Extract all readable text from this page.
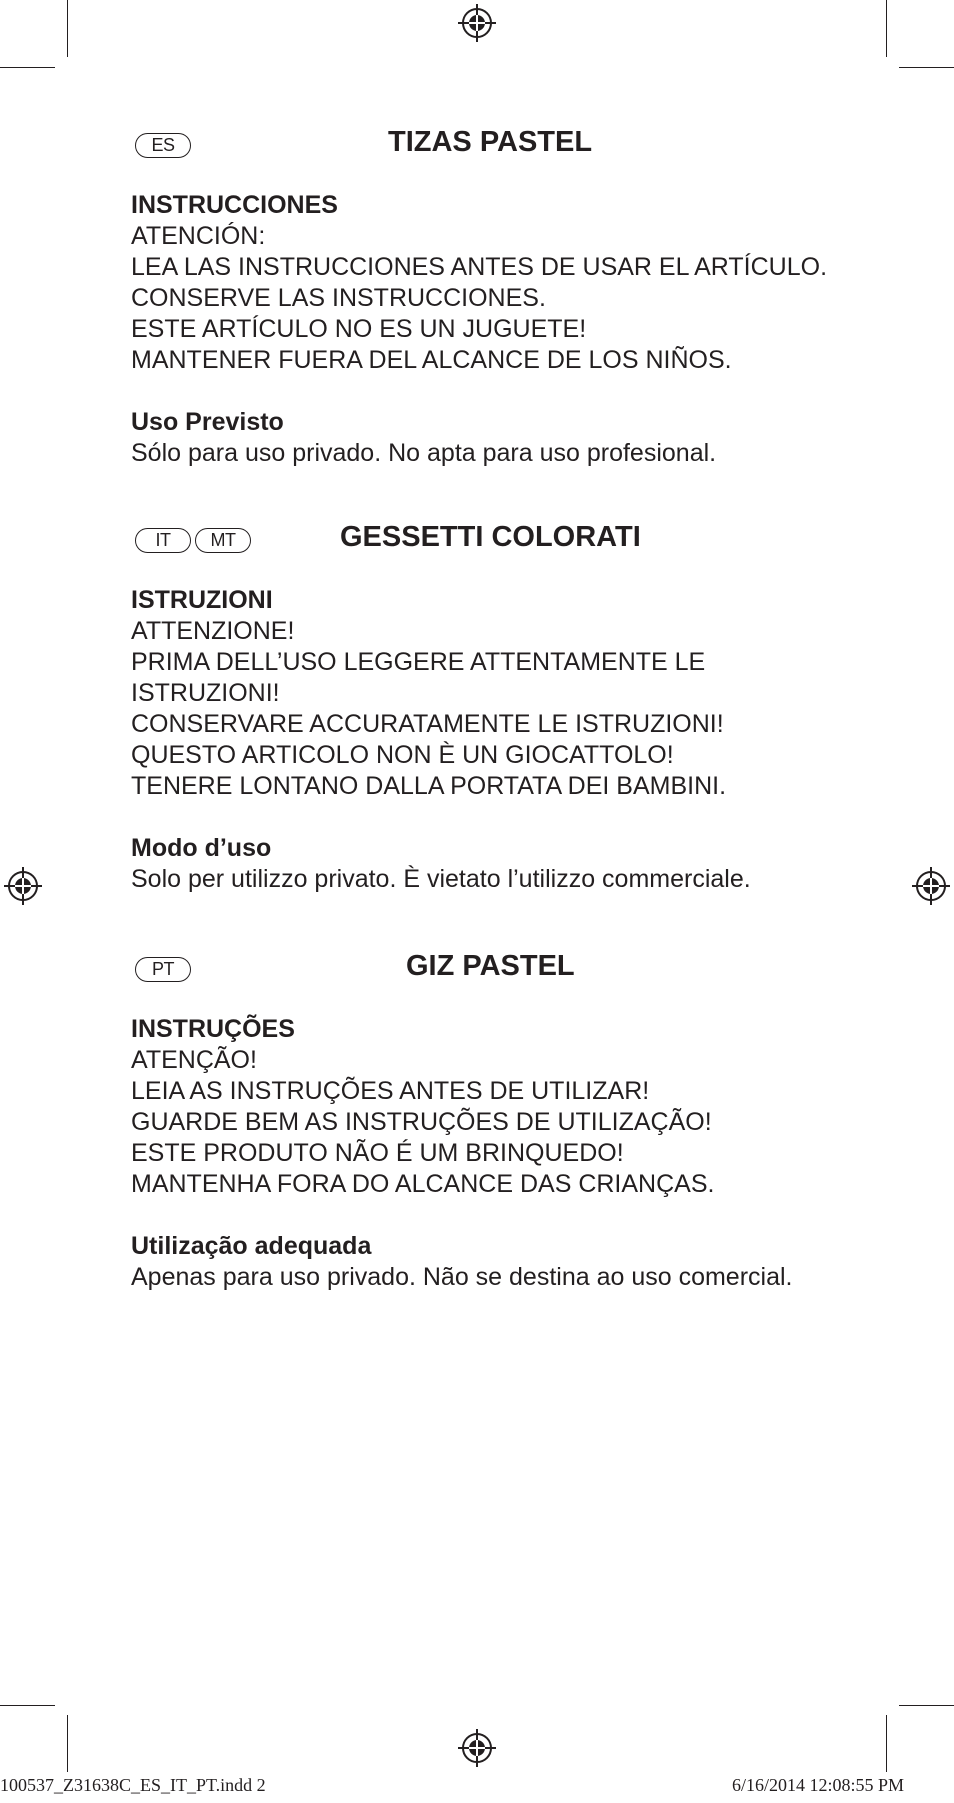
ES	TIZAS PASTEL

INSTRUCCIONES

ATENCIÓN:

LEA LAS INSTRUCCIONES ANTES DE USAR EL ARTÍCULO.

CONSERVE LAS INSTRUCCIONES.

ESTE ARTÍCULO NO ES UN JUGUETE!

MANTENER FUERA DEL ALCANCE DE LOS NIÑOS.

Uso Previsto

Sólo para uso privado. No apta para uso profesional.

IT	MT	GESSETTI COLORATI

ISTRUZIONI

ATTENZIONE!

PRIMA DELL’USO LEGGERE ATTENTAMENTE LE

ISTRUZIONI!

CONSERVARE ACCURATAMENTE LE ISTRUZIONI!

QUESTO ARTICOLO NON È UN GIOCATTOLO!

TENERE LONTANO DALLA PORTATA DEI BAMBINI.

Modo d’uso

Solo per utilizzo privato. È vietato l’utilizzo commerciale.

PT	GIZ PASTEL

INSTRUÇÕES

ATENÇÃO!

LEIA AS INSTRUÇÕES ANTES DE UTILIZAR!

GUARDE BEM AS INSTRUÇÕES DE UTILIZAÇÃO!

ESTE PRODUTO NÃO É UM BRINQUEDO!

MANTENHA FORA DO ALCANCE DAS CRIANÇAS.

Utilização adequada

Apenas para uso privado. Não se destina ao uso comercial.

100537_Z31638C_ES_IT_PT.indd 2	6/16/2014 12:08:55 PM
